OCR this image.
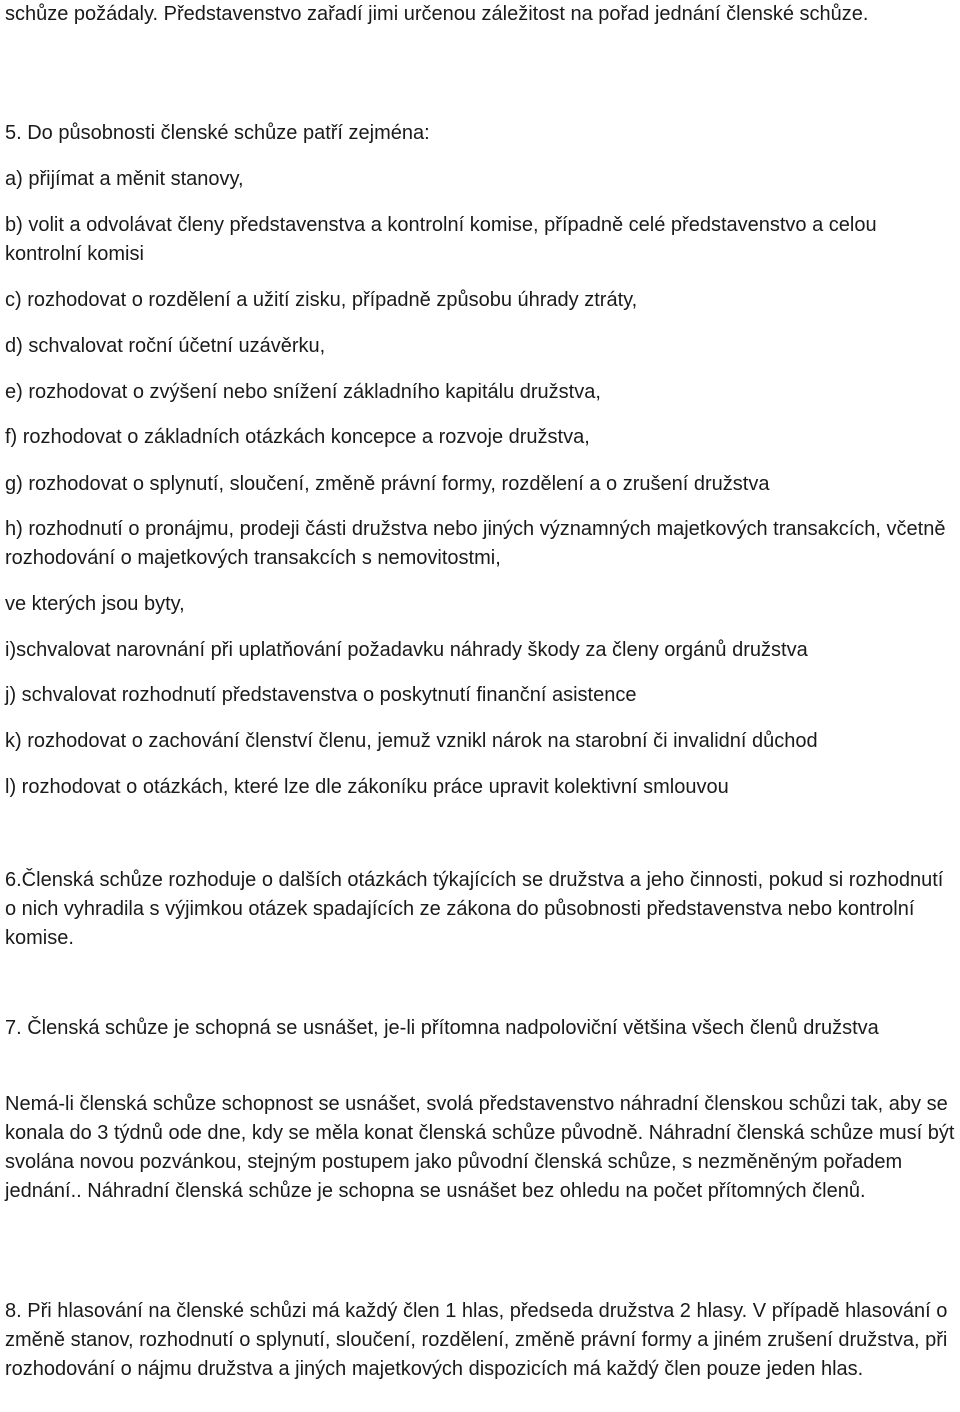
schůze požádaly. Představenstvo zařadí jimi určenou záležitost na pořad jednání členské schůze.

5. Do působnosti členské schůze patří zejména:

a) přijímat a měnit stanovy,

b) volit a odvolávat členy představenstva a kontrolní komise, případně celé představenstvo a celou kontrolní komisi

c) rozhodovat o rozdělení a užití zisku, případně způsobu úhrady ztráty,

d) schvalovat roční účetní uzávěrku,

e) rozhodovat o zvýšení nebo snížení základního kapitálu družstva,

f) rozhodovat o základních otázkách koncepce a rozvoje družstva,

g) rozhodovat o splynutí, sloučení, změně právní formy, rozdělení a o zrušení družstva

h) rozhodnutí o pronájmu, prodeji části družstva nebo jiných významných majetkových transakcích, včetně rozhodování o majetkových transakcích s nemovitostmi,

ve kterých jsou byty,

i)schvalovat narovnání při uplatňování požadavku náhrady škody za členy orgánů družstva

j) schvalovat rozhodnutí představenstva o poskytnutí finanční asistence

k) rozhodovat o zachování členství členu, jemuž vznikl nárok na starobní či invalidní důchod

l) rozhodovat o otázkách, které lze dle zákoníku práce upravit kolektivní smlouvou

6.Členská schůze rozhoduje o dalších otázkách týkajících se družstva a jeho činnosti, pokud si rozhodnutí o nich vyhradila s výjimkou otázek spadajících ze zákona do působnosti představenstva nebo kontrolní komise.

7. Členská schůze je schopná se usnášet, je-li přítomna nadpoloviční většina všech členů družstva

Nemá-li členská schůze schopnost se usnášet, svolá představenstvo náhradní členskou schůzi tak, aby se konala do 3 týdnů ode dne, kdy se měla konat členská schůze původně. Náhradní členská schůze musí být svolána novou pozvánkou, stejným postupem jako původní členská schůze, s nezměněným pořadem jednání.. Náhradní členská schůze je schopna se usnášet bez ohledu na počet přítomných členů.

8. Při hlasování na členské schůzi má každý člen 1 hlas, předseda družstva 2 hlasy. V případě hlasování o změně stanov, rozhodnutí o splynutí, sloučení, rozdělení, změně právní formy a jiném zrušení družstva, při rozhodování o nájmu družstva a jiných majetkových dispozicích má každý člen pouze jeden hlas.
